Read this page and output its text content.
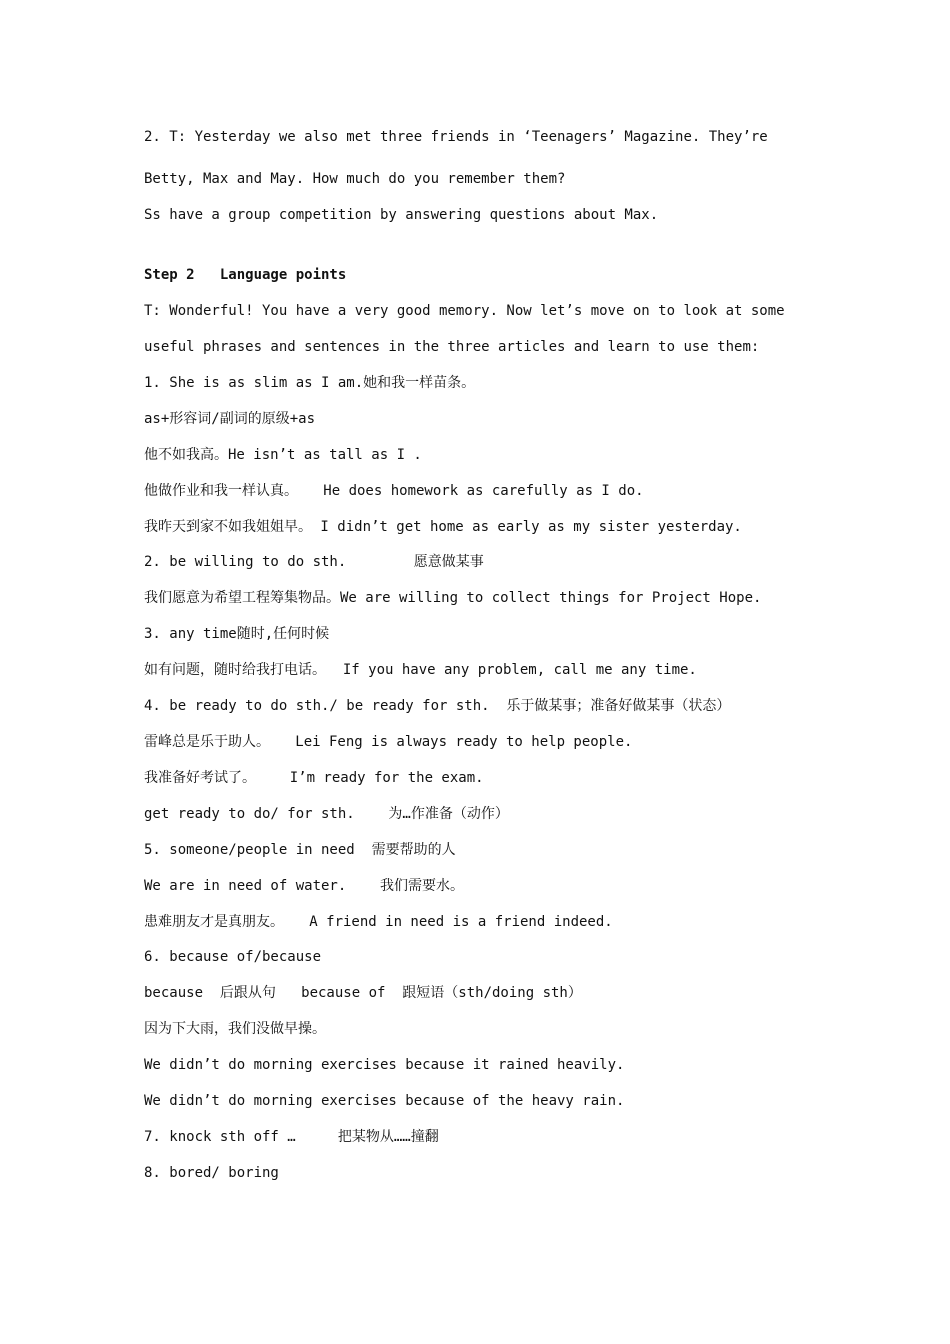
2. T: Yesterday we also met three friends in ‘Teenagers’ Magazine. They’re
Betty, Max and May. How much do you remember them?
Ss have a group competition by answering questions about Max.
Step 2   Language points
T: Wonderful! You have a very good memory. Now let’s move on to look at some
useful phrases and sentences in the three articles and learn to use them:
1. She is as slim as I am.她和我一样苗条。
as+形容词/副词的原级+as
他不如我高。He isn’t as tall as I .
他做作业和我一样认真。   He does homework as carefully as I do.
我昨天到家不如我姐姐早。 I didn’t get home as early as my sister yesterday.
2. be willing to do sth.        愿意做某事
我们愿意为希望工程筹集物品。We are willing to collect things for Project Hope.
3. any time随时,任何时候
如有问题，随时给我打电话。  If you have any problem, call me any time.
4. be ready to do sth./ be ready for sth.  乐于做某事；准备好做某事（状态）
雷峰总是乐于助人。   Lei Feng is always ready to help people.
我准备好考试了。    I’m ready for the exam.
get ready to do/ for sth.    为…作准备（动作）
5. someone/people in need  需要帮助的人
We are in need of water.    我们需要水。
患难朋友才是真朋友。   A friend in need is a friend indeed.
6. because of/because
because  后跟从句   because of  跟短语（sth/doing sth）
因为下大雨，我们没做早操。
We didn’t do morning exercises because it rained heavily.
We didn’t do morning exercises because of the heavy rain.
7. knock sth off …     把某物从……撞翻
8. bored/ boring
